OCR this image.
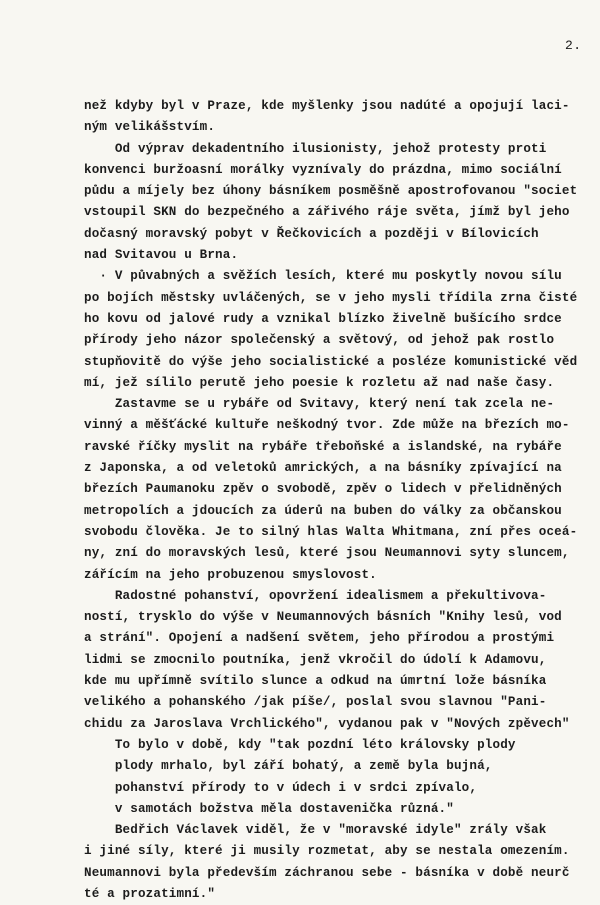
2.
než kdyby byl v Praze, kde myšlenky jsou nadúté a opojují laci-
ným velikášstvím.
Od výprav dekadentního ilusionisty, jehož protesty proti
konvenci buržoasní morálky vyznívaly do prázdna, mimo sociální
půdu a míjely bez úhony básníkem posměšně apostrofovanou "societ
vstoupil SKN do bezpečného a zářivého ráje světa, jímž byl jeho
dočasný moravský pobyt v Řečkovicích a později v Bílovicích
nad Svitavou u Brna.
· V půvabných a svěžích lesích, které mu poskytly novou sílu
po bojích městsky uvláčených, se v jeho mysli třídila zrna čisté
ho kovu od jalové rudy a vznikal blízko živelně bušícího srdce
přírody jeho názor společenský a světový, od jehož pak rostlo
stupňovitě do výše jeho socialistické a posléze komunistické věd
mí, jež sílilo perutě jeho poesie k rozletu až nad naše časy.
Zastavme se u rybáře od Svitavy, který není tak zcela ne-
vinný a měšťácké kultuře neškodný tvor. Zde může na březích mo-
ravské říčky myslit na rybáře třeboňské a islandské, na rybáře
z Japonska, a od veletoků amrických, a na básníky zpívající na
březích Paumanoku zpěv o svobodě, zpěv o lidech v přelidněných
metropolích a jdoucích za úderů na buben do války za občanskou
svobodu člověka. Je to silný hlas Walta Whitmana, zní přes oceá-
ny, zní do moravských lesů, které jsou Neumannovi syty sluncem,
zářícím na jeho probuzenou smyslovost.
Radostné pohanství, opovržení idealismem a překultivova-
ností, trysklo do výše v Neumannových básních "Knihy lesů, vod
a strání". Opojení a nadšení světem, jeho přírodou a prostými
lidmi se zmocnilo poutníka, jenž vkročil do údolí k Adamovu,
kde mu upřímně svítilo slunce a odkud na úmrtní lože básníka
velikého a pohanského /jak píše/, poslal svou slavnou "Pani-
chidu za Jaroslava Vrchlického", vydanou pak v "Nových zpěvech"
To bylo v době, kdy "tak pozdní léto královsky plody
plody mrhalo, byl září bohatý, a země byla bujná,
pohanství přírody to v údech i v srdci zpívalo,
v samotách božstva měla dostavenička různá."
Bedřich Václavek viděl, že v "moravské idyle" zrály však
i jiné síly, které ji musily rozmetat, aby se nestala omezením.
Neumannovi byla především záchranou sebe - básníka v době neurč
té a prozatimní."
